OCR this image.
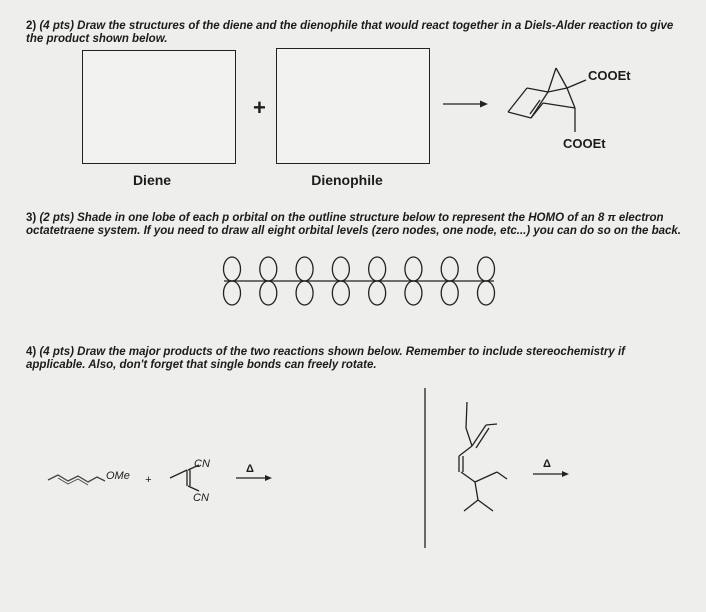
2) (4 pts) Draw the structures of the diene and the dienophile that would react together in a Diels-Alder reaction to give the product shown below.
+
Diene	Dienophile
COOEt
COOEt
3) (2 pts) Shade in one lobe of each p orbital on the outline structure below to represent the HOMO of an 8 π electron octatetraene system. If you need to draw all eight orbital levels (zero nodes, one node, etc...) you can do so on the back.
4) (4 pts) Draw the major products of the two reactions shown below. Remember to include stereochemistry if applicable. Also, don't forget that single bonds can freely rotate.
OMe +
CN
CN
Δ	Δ
